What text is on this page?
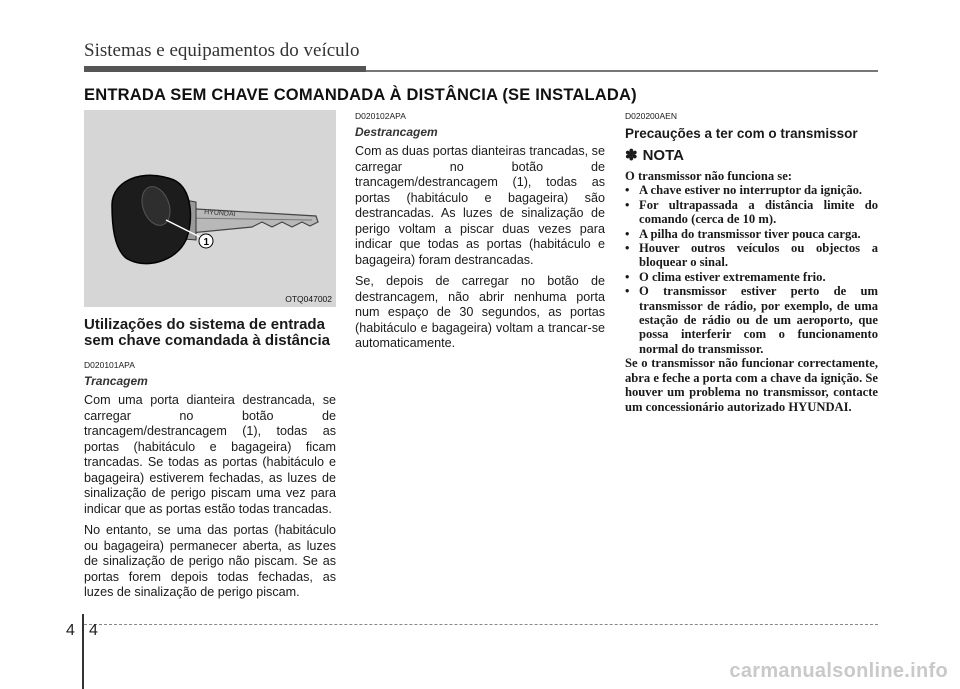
Sistemas e equipamentos do veículo
ENTRADA SEM CHAVE COMANDADA À DISTÂNCIA (SE INSTALADA)
HYUNDAI
1
OTQ047002
Utilizações do sistema de entrada sem chave comandada à distância
D020101APA
Trancagem

Com uma porta dianteira destrancada, se carregar no botão de trancagem/destrancagem (1), todas as portas (habitáculo e bagageira) ficam trancadas. Se todas as portas (habitáculo e bagageira) estiverem fechadas, as luzes de sinalização de perigo piscam uma vez para indicar que as portas estão todas trancadas.

No entanto, se uma das portas (habitáculo ou bagageira) permanecer aberta, as luzes de sinalização de perigo não piscam. Se as portas forem depois todas fechadas, as luzes de sinalização de perigo piscam.

D020102APA
Destrancagem

Com as duas portas dianteiras trancadas, se carregar no botão de trancagem/destrancagem (1), todas as portas (habitáculo e bagageira) são destrancadas. As luzes de sinalização de perigo voltam a piscar duas vezes para indicar que todas as portas (habitáculo e bagageira) foram destrancadas.

Se, depois de carregar no botão de destrancagem, não abrir nenhuma porta num espaço de 30 segundos, as portas (habitáculo e bagageira) voltam a trancar-se automaticamente.

D020200AEN
Precauções a ter com o transmissor
✽ NOTA
O transmissor não funciona se:
• A chave estiver no interruptor da ignição.
• For ultrapassada a distância limite do comando (cerca de 10 m).
• A pilha do transmissor tiver pouca carga.
• Houver outros veículos ou objectos a bloquear o sinal.
• O clima estiver extremamente frio.
• O transmissor estiver perto de um transmissor de rádio, por exemplo, de uma estação de rádio ou de um aeroporto, que possa interferir com o funcionamento normal do transmissor.
Se o transmissor não funcionar correctamente, abra e feche a porta com a chave da ignição. Se houver um problema no transmissor, contacte um concessionário autorizado HYUNDAI.
4 4
carmanualsonline.info
